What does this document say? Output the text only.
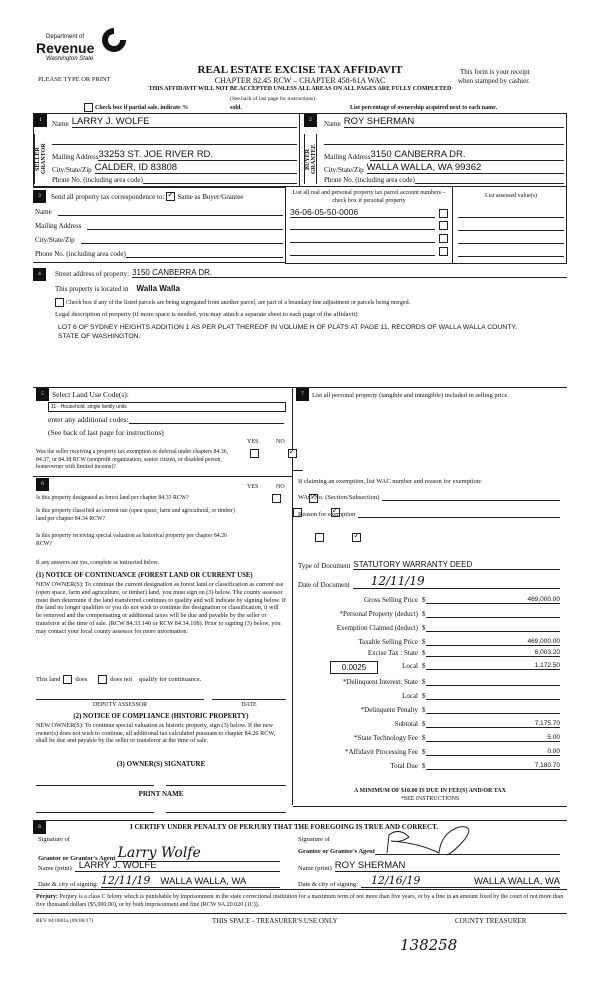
Department of
Revenue
Washington State
PLEASE TYPE OR PRINT
REAL ESTATE EXCISE TAX AFFIDAVIT
CHAPTER 82.45 RCW – CHAPTER 458-61A WAC
This form is your receipt
when stamped by cashier.
THIS AFFIDAVIT WILL NOT BE ACCEPTED UNLESS ALL AREAS ON ALL PAGES ARE FULLY COMPLETED
(See back of last page for instructions)
Check box if partial sale, indicate %	sold.	List percentage of ownership acquired next to each name.
1
SELLER GRANTOR
Name LARRY J. WOLFE
Mailing Address 33253 ST. JOE RIVER RD.
City/State/Zip CALDER, ID 83808
Phone No. (including area code)
2
BUYER GRANTEE
Name ROY SHERMAN
Mailing Address 3150 CANBERRA DR.
City/State/Zip WALLA WALLA, WA 99362
Phone No. (including area code)
3	Send all property tax correspondence to: ✓ Same as Buyer/Grantee
Name
Mailing Address
City/State/Zip
Phone No. (including area code)
List all real and personal property tax parcel account numbers – check box if personal property
List assessed value(s)
36-06-05-50-0006
4	Street address of property: 3150 CANBERRA DR.
This property is located in Walla Walla
Check box if any of the listed parcels are being segregated from another parcel, are part of a boundary line adjustment or parcels being merged.
Legal description of property (if more space is needed, you may attach a separate sheet to each page of the affidavit)
LOT 6 OF SYDNEY HEIGHTS ADDITION 1 AS PER PLAT THEREOF IN VOLUME H OF PLATS AT PAGE 11, RECORDS OF WALLA WALLA COUNTY, STATE OF WASHINGTON.
5	Select Land Use Code(s):
11 - Household, single family units
enter any additional codes:
(See back of last page for instructions)
YES	NO
Was the seller receiving a property tax exemption or deferral under chapters 84.36, 84.37, or 84.38 RCW (nonprofit organization, senior citizen, or disabled person, homeowner with limited income)?
✓
6	YES	NO
Is this property designated as forest land per chapter 84.33 RCW?
✓
Is this property classified as current use (open space, farm and agricultural, or timber) land per chapter 84.34 RCW?
✓
Is this property receiving special valuation as historical property per chapter 84.26 RCW?
✓
If any answers are yes, complete as instructed below.
(1) NOTICE OF CONTINUANCE (FOREST LAND OR CURRENT USE)
NEW OWNER(S): To continue the current designation as forest land or classification as current use (open space, farm and agriculture, or timber) land, you must sign on (3) below. The county assessor must then determine if the land transferred continues to qualify and will indicate by signing below. If the land no longer qualifies or you do not wish to continue the designation or classification, it will be removed and the compensating or additional taxes will be due and payable by the seller or transferor at the time of sale. (RCW 84.33.140 or RCW 84.34.108). Prior to signing (3) below, you may contact your local county assessor for more information.
This land does	does not qualify for continuance.
DEPUTY ASSESSOR	DATE
(2) NOTICE OF COMPLIANCE (HISTORIC PROPERTY)
NEW OWNER(S): To continue special valuation as historic property, sign (3) below. If the new owner(s) does not wish to continue, all additional tax calculated pursuant to chapter 84.26 RCW, shall be due and payable by the seller or transferor at the time of sale.
(3) OWNER(S) SIGNATURE
PRINT NAME
7	List all personal property (tangible and intangible) included in selling price.
If claiming an exemption, list WAC number and reason for exemption:
WAC No. (Section/Subsection)
Reason for exemption
Type of Document STATUTORY WARRANTY DEED
Date of Document	12/11/19
Gross Selling Price $	469,000.00
*Personal Property (deduct) $
Exemption Claimed (deduct) $
Taxable Selling Price $	469,000.00
Excise Tax : State $	6,003.20
0.0025	Local $	1,172.50
*Delinquent Interest: State $
Local $
*Delinquent Penalty $
Subtotal $	7,175.70
*State Technology Fee $	5.00
*Affidavit Processing Fee $	0.00
Total Due $	7,180.70
A MINIMUM OF $10.00 IS DUE IN FEE(S) AND/OR TAX
*SEE INSTRUCTIONS
8	I CERTIFY UNDER PENALTY OF PERJURY THAT THE FOREGOING IS TRUE AND CORRECT.
Signature of
Grantor or Grantor's Agent Larry Wolfe
Name (print) LARRY J. WOLFE
Date & city of signing: 12/11/19 WALLA WALLA, WA
Signature of
Grantee or Grantee's Agent
Name (print) ROY SHERMAN
Date & city of signing:	12/16/19	WALLA WALLA, WA
Perjury: Perjury is a class C felony which is punishable by imprisonment in the state correctional institution for a maximum term of not more than five years, or by a fine in an amount fixed by the court of not more than five thousand dollars ($5,000.00), or by both imprisonment and fine (RCW 9A.20.020 (1C)).
REV 84 0001a (09/06/17)	THIS SPACE - TREASURER'S USE ONLY	COUNTY TREASURER
138258
